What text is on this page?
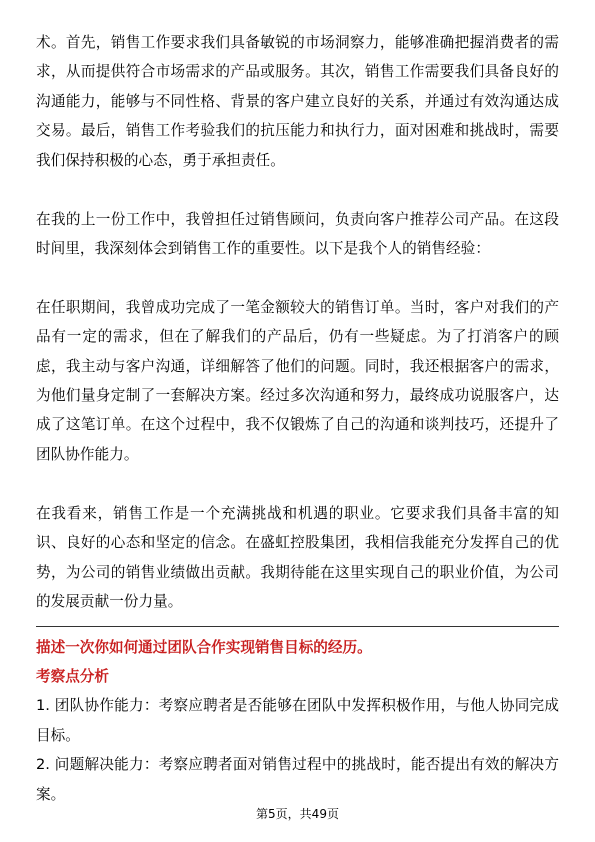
术。首先，销售工作要求我们具备敏锐的市场洞察力，能够准确把握消费者的需求，从而提供符合市场需求的产品或服务。其次，销售工作需要我们具备良好的沟通能力，能够与不同性格、背景的客户建立良好的关系，并通过有效沟通达成交易。最后，销售工作考验我们的抗压能力和执行力，面对困难和挑战时，需要我们保持积极的心态，勇于承担责任。

在我的上一份工作中，我曾担任过销售顾问，负责向客户推荐公司产品。在这段时间里，我深刻体会到销售工作的重要性。以下是我个人的销售经验：

在任职期间，我曾成功完成了一笔金额较大的销售订单。当时，客户对我们的产品有一定的需求，但在了解我们的产品后，仍有一些疑虑。为了打消客户的顾虑，我主动与客户沟通，详细解答了他们的问题。同时，我还根据客户的需求，为他们量身定制了一套解决方案。经过多次沟通和努力，最终成功说服客户，达成了这笔订单。在这个过程中，我不仅锻炼了自己的沟通和谈判技巧，还提升了团队协作能力。

在我看来，销售工作是一个充满挑战和机遇的职业。它要求我们具备丰富的知识、良好的心态和坚定的信念。在盛虹控股集团，我相信我能充分发挥自己的优势，为公司的销售业绩做出贡献。我期待能在这里实现自己的职业价值，为公司的发展贡献一份力量。

描述一次你如何通过团队合作实现销售目标的经历。

考察点分析

1. 团队协作能力：考察应聘者是否能够在团队中发挥积极作用，与他人协同完成目标。

2. 问题解决能力：考察应聘者面对销售过程中的挑战时，能否提出有效的解决方案。

第5页，共49页
